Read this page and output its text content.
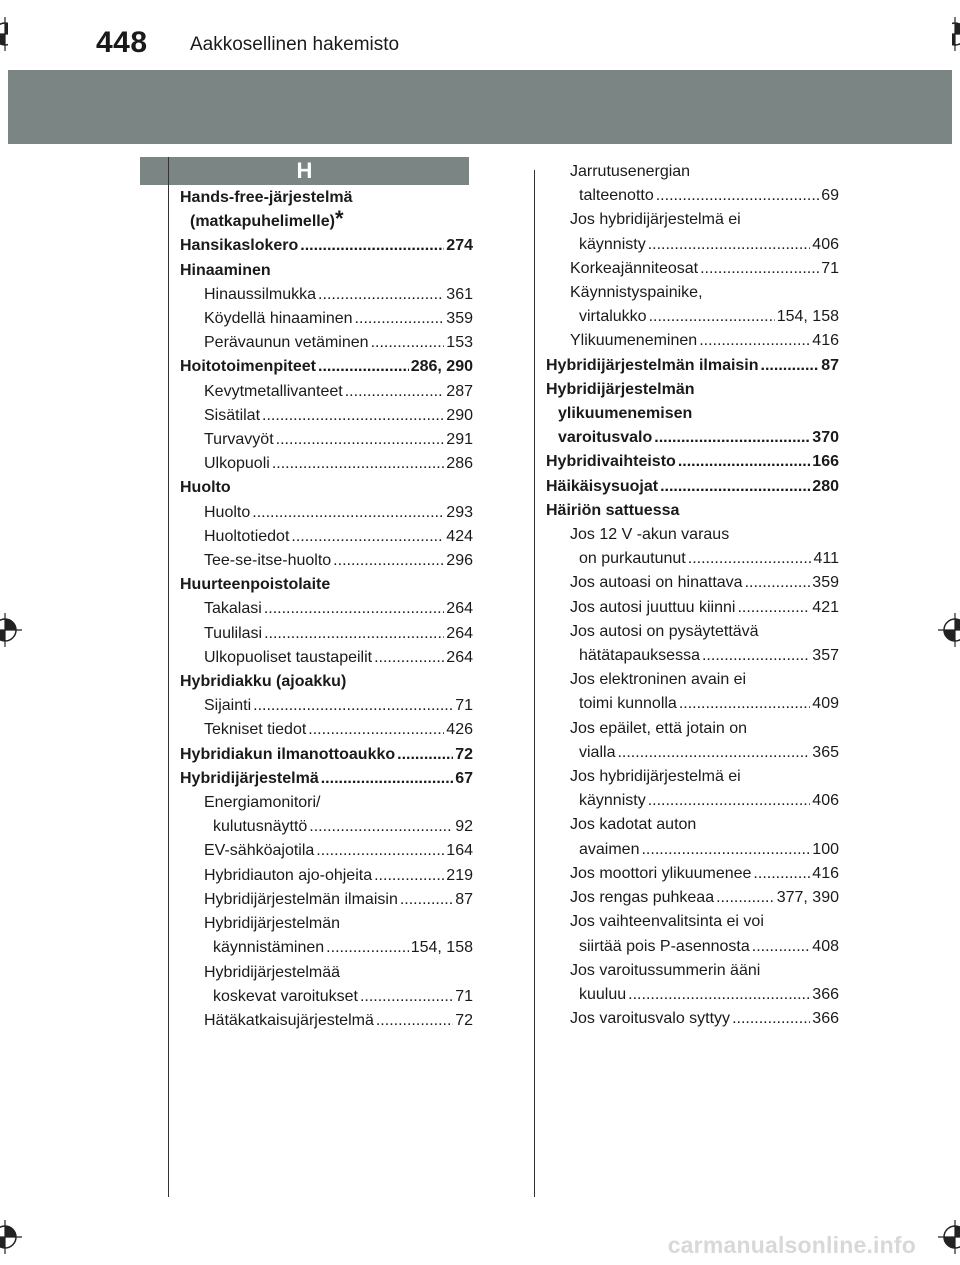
448 Aakkosellinen hakemisto
H
Hands-free-järjestelmä
(matkapuhelimelle) *
Hansikaslokero .....	274
Hinaaminen
Hinaussilmukka .....	361
Köydellä hinaaminen .....	359
Perävaunun vetäminen .....	153
Hoitotoimenpiteet .....	286, 290
Kevytmetallivanteet .....	287
Sisätilat .....	290
Turvavyöt .....	291
Ulkopuoli .....	286
Huolto
Huolto .....	293
Huoltotiedot .....	424
Tee-se-itse-huolto .....	296
Huurteenpoistolaite
Takalasi .....	264
Tuulilasi .....	264
Ulkopuoliset taustapeilit .....	264
Hybridiakku (ajoakku)
Sijainti .....	71
Tekniset tiedot .....	426
Hybridiakun ilmanottoaukko .....	72
Hybridijärjestelmä .....	67
Energiamonitori/
kulutusnäyttö .....	92
EV-sähköajotila .....	164
Hybridiauton ajo-ohjeita .....	219
Hybridijärjestelmän ilmaisin .....	87
Hybridijärjestelmän
käynnistäminen .....	154, 158
Hybridijärjestelmää
koskevat varoitukset .....	71
Hätäkatkaisujärjestelmä .....	72
Jarrutusenergian
talteenotto .....	69
Jos hybridijärjestelmä ei
käynnisty .....	406
Korkeajänniteosat .....	71
Käynnistyspainike,
virtalukko .....	154, 158
Ylikuumeneminen .....	416
Hybridijärjestelmän ilmaisin .....	87
Hybridijärjestelmän
ylikuumenemisen
varoitusvalo .....	370
Hybridivaihteisto .....	166
Häikäisysuojat .....	280
Häiriön sattuessa
Jos 12 V -akun varaus
on purkautunut .....	411
Jos autoasi on hinattava .....	359
Jos autosi juuttuu kiinni .....	421
Jos autosi on pysäytettävä
hätätapauksessa .....	357
Jos elektroninen avain ei
toimi kunnolla .....	409
Jos epäilet, että jotain on
vialla .....	365
Jos hybridijärjestelmä ei
käynnisty .....	406
Jos kadotat auton
avaimen .....	100
Jos moottori ylikuumenee .....	416
Jos rengas puhkeaa .....	377, 390
Jos vaihteenvalitsinta ei voi
siirtää pois P-asennosta .....	408
Jos varoitussummerin ääni
kuuluu .....	366
Jos varoitusvalo syttyy .....	366
carmanualsonline.info
